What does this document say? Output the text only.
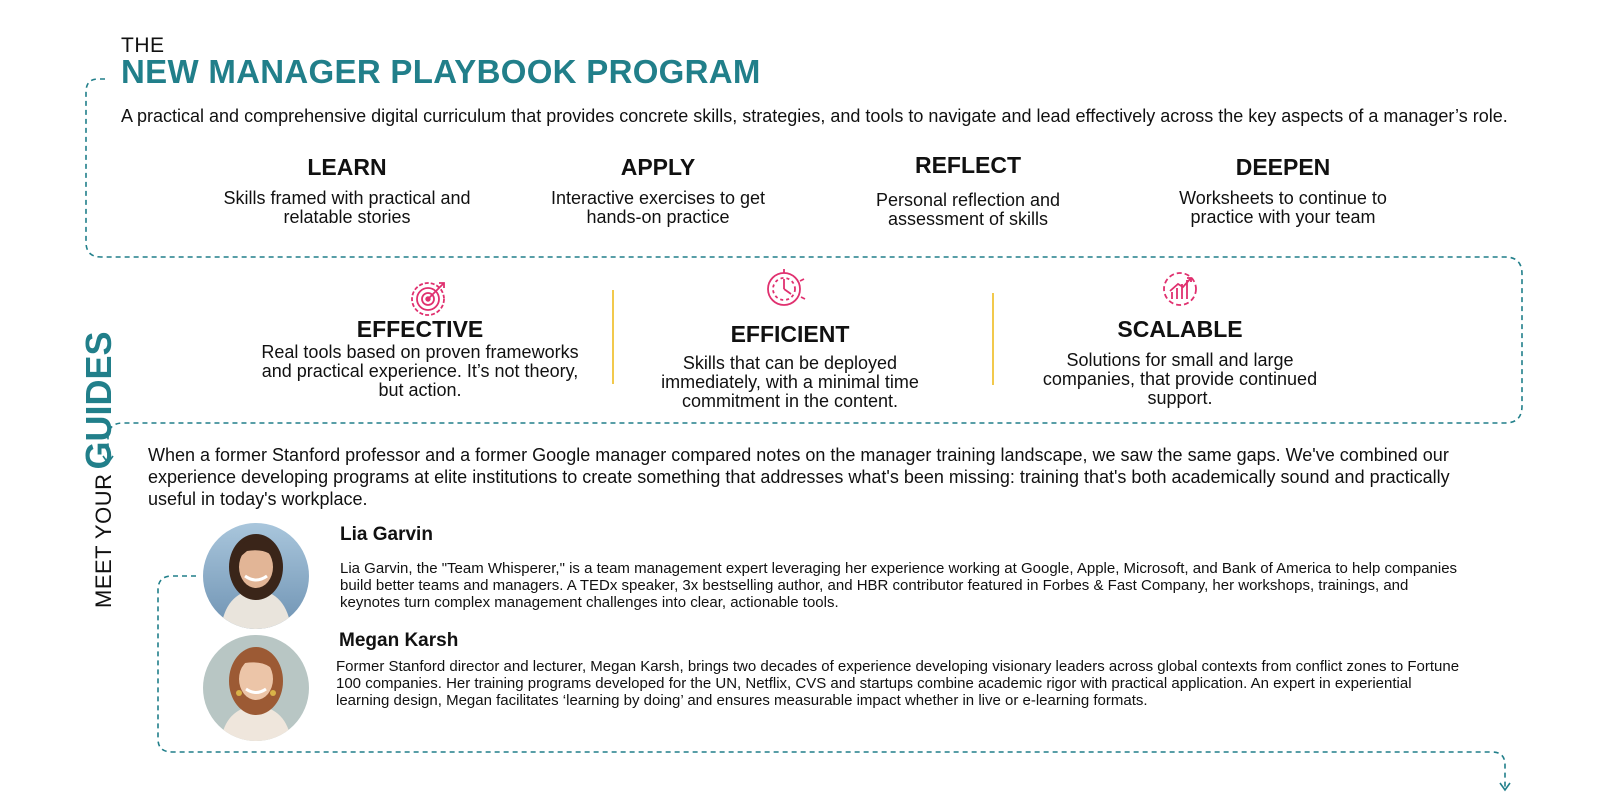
THE
NEW MANAGER PLAYBOOK PROGRAM
A practical and comprehensive digital curriculum that provides concrete skills, strategies, and tools to navigate and lead effectively across the key aspects of a manager’s role.
LEARN
Skills framed with practical and relatable stories
APPLY
Interactive exercises to get hands-on practice
REFLECT
Personal reflection and assessment of skills
DEEPEN
Worksheets to continue to practice with your team
EFFECTIVE
Real tools based on proven frameworks and practical experience. It’s not theory, but action.
EFFICIENT
Skills that can be deployed immediately, with a minimal time commitment in the content.
SCALABLE
Solutions for small and large companies, that provide continued support.
MEET YOURGUIDES When a former Stanford professor and a former Google manager compared notes on the manager training landscape, we saw the same gaps. We've combined our experience developing programs at elite institutions to create something that addresses what's been missing: training that's both academically sound and practically useful in today's workplace.
Lia Garvin
Lia Garvin, the "Team Whisperer," is a team management expert leveraging her experience working at Google, Apple, Microsoft, and Bank of America to help companies build better teams and managers. A TEDx speaker, 3x bestselling author, and HBR contributor featured in Forbes & Fast Company, her workshops, trainings, and keynotes turn complex management challenges into clear, actionable tools.
Megan Karsh
Former Stanford director and lecturer, Megan Karsh, brings two decades of experience developing visionary leaders across global contexts from conflict zones to Fortune 100 companies. Her training programs developed for the UN, Netflix, CVS and startups combine academic rigor with practical application. An expert in experiential learning design, Megan facilitates ‘learning by doing’ and ensures measurable impact whether in live or e-learning formats.
